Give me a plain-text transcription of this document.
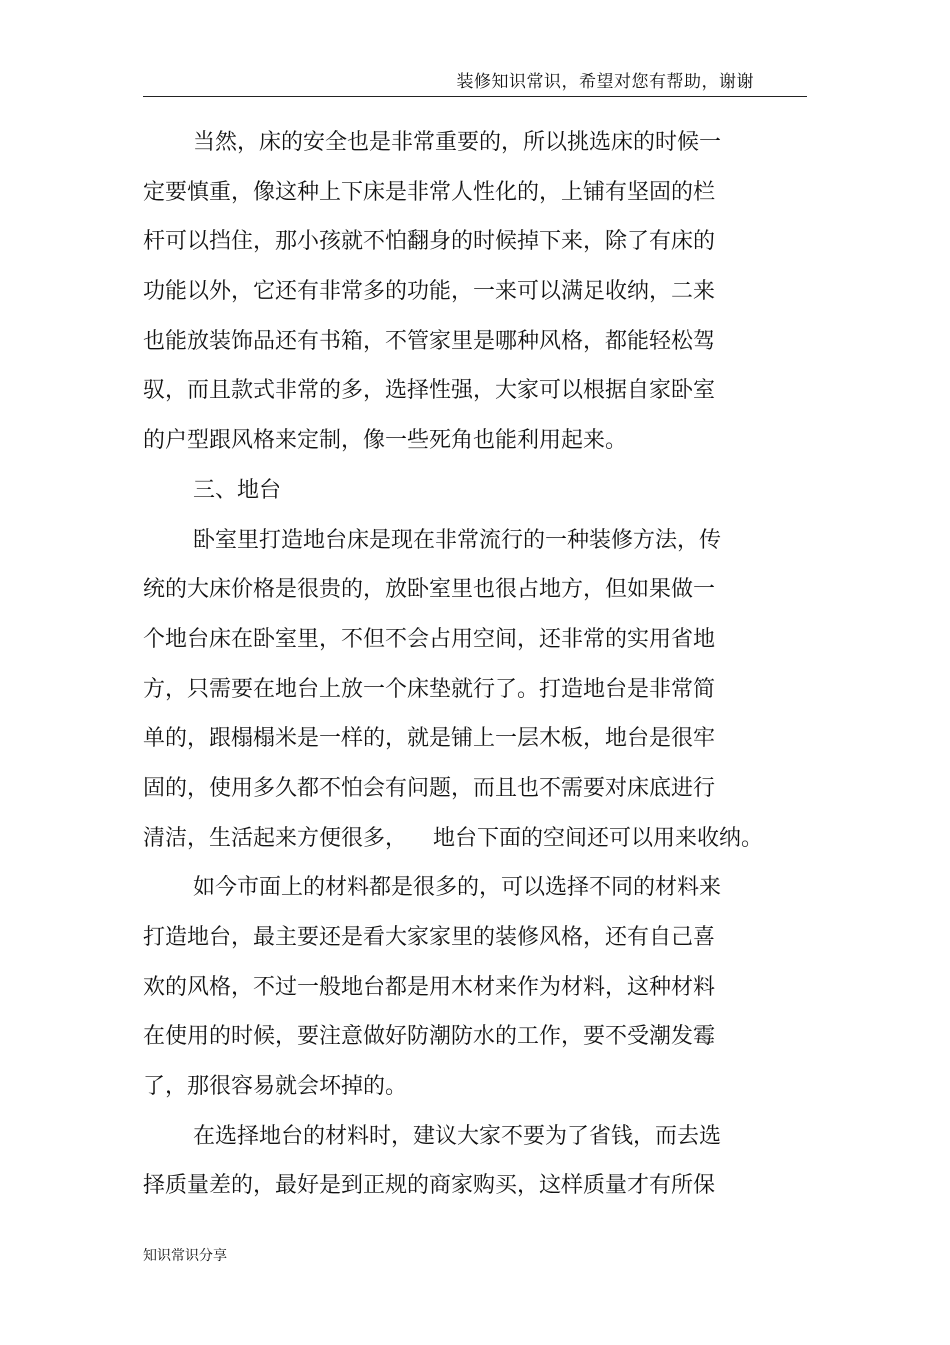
装修知识常识，希望对您有帮助，谢谢
当然，床的安全也是非常重要的，所以挑选床的时候一
定要慎重，像这种上下床是非常人性化的，上铺有坚固的栏
杆可以挡住，那小孩就不怕翻身的时候掉下来，除了有床的
功能以外，它还有非常多的功能，一来可以满足收纳，二来
也能放装饰品还有书箱，不管家里是哪种风格，都能轻松驾
驭，而且款式非常的多，选择性强，大家可以根据自家卧室
的户型跟风格来定制，像一些死角也能利用起来。
三、地台
卧室里打造地台床是现在非常流行的一种装修方法，传
统的大床价格是很贵的，放卧室里也很占地方，但如果做一
个地台床在卧室里，不但不会占用空间，还非常的实用省地
方，只需要在地台上放一个床垫就行了。打造地台是非常简
单的，跟榻榻米是一样的，就是铺上一层木板，地台是很牢
固的，使用多久都不怕会有问题，而且也不需要对床底进行
清洁，生活起来方便很多， 地台下面的空间还可以用来收纳。
如今市面上的材料都是很多的，可以选择不同的材料来
打造地台，最主要还是看大家家里的装修风格，还有自己喜
欢的风格，不过一般地台都是用木材来作为材料，这种材料
在使用的时候，要注意做好防潮防水的工作，要不受潮发霉
了，那很容易就会坏掉的。
在选择地台的材料时，建议大家不要为了省钱，而去选
择质量差的，最好是到正规的商家购买，这样质量才有所保
知识常识分享
